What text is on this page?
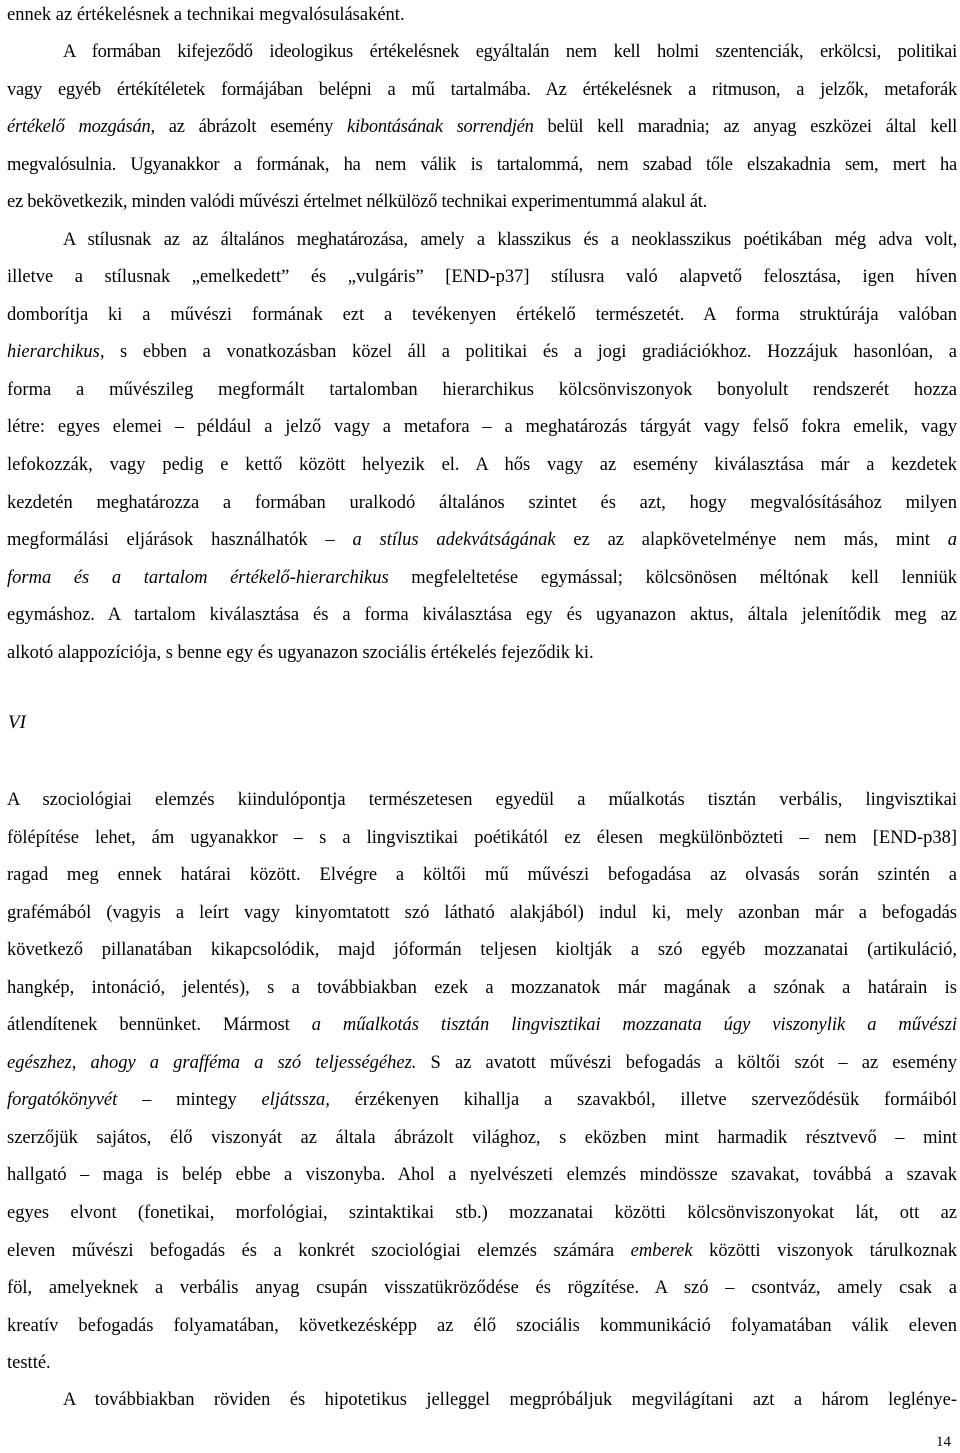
ennek az értékelésnek a technikai megvalósulásaként.
A formában kifejeződő ideologikus értékelésnek egyáltalán nem kell holmi szentenciák, erkölcsi, politikai
vagy egyéb értékítéletek formájában belépni a mű tartalmába. Az értékelésnek a ritmuson, a jelzők, metaforák
értékelő mozgásán, az ábrázolt esemény kibontásának sorrendjén belül kell maradnia; az anyag eszközei által kell
megvalósulnia. Ugyanakkor a formának, ha nem válik is tartalommá, nem szabad tőle elszakadnia sem, mert ha
ez bekövetkezik, minden valódi művészi értelmet nélkülöző technikai experimentummá alakul át.
A stílusnak az az általános meghatározása, amely a klasszikus és a neoklasszikus poétikában még adva volt,
illetve a stílusnak „emelkedett” és „vulgáris” [END-p37] stílusra való alapvető felosztása, igen híven
domborítja ki a művészi formának ezt a tevékenyen értékelő természetét. A forma struktúrája valóban
hierarchikus, s ebben a vonatkozásban közel áll a politikai és a jogi gradiációkhoz. Hozzájuk hasonlóan, a
forma a művészileg megformált tartalomban hierarchikus kölcsönviszonyok bonyolult rendszerét hozza
létre: egyes elemei – például a jelző vagy a metafora – a meghatározás tárgyát vagy felső fokra emelik, vagy
lefokozzák, vagy pedig e kettő között helyezik el. A hős vagy az esemény kiválasztása már a kezdetek
kezdetén meghatározza a formában uralkodó általános szintet és azt, hogy megvalósításához milyen
megformálási eljárások használhatók – a stílus adekvátságának ez az alapkövetelménye nem más, mint a
forma és a tartalom értékelő-hierarchikus megfeleltetése egymással; kölcsönösen méltónak kell lenniük
egymáshoz. A tartalom kiválasztása és a forma kiválasztása egy és ugyanazon aktus, általa jelenítődik meg az
alkotó alappozíciója, s benne egy és ugyanazon szociális értékelés fejeződik ki.
A szociológiai elemzés kiindulópontja természetesen egyedül a műalkotás tisztán verbális, lingvisztikai
fölépítése lehet, ám ugyanakkor – s a lingvisztikai poétikától ez élesen megkülönbözteti – nem [END-p38]
ragad meg ennek határai között. Elvégre a költői mű művészi befogadása az olvasás során szintén a
grafémából (vagyis a leírt vagy kinyomtatott szó látható alakjából) indul ki, mely azonban már a befogadás
következő pillanatában kikapcsolódik, majd jóformán teljesen kioltják a szó egyéb mozzanatai (artikuláció,
hangkép, intonáció, jelentés), s a továbbiakban ezek a mozzanatok már magának a szónak a határain is
átlendítenek bennünket. Mármost a műalkotás tisztán lingvisztikai mozzanata úgy viszonylik a művészi
egészhez, ahogy a grafféma a szó teljességéhez. S az avatott művészi befogadás a költői szót – az esemény
forgatókönyvét – mintegy eljátssza, érzékenyen kihallja a szavakból, illetve szerveződésük formáiból
szerzőjük sajátos, élő viszonyát az általa ábrázolt világhoz, s eközben mint harmadik résztvevő – mint
hallgató – maga is belép ebbe a viszonyba. Ahol a nyelvészeti elemzés mindössze szavakat, továbbá a szavak
egyes elvont (fonetikai, morfológiai, szintaktikai stb.) mozzanatai közötti kölcsönviszonyokat lát, ott az
eleven művészi befogadás és a konkrét szociológiai elemzés számára emberek közötti viszonyok tárulkoznak
föl, amelyeknek a verbális anyag csupán visszatükröződése és rögzítése. A szó – csontváz, amely csak a
kreatív befogadás folyamatában, következésképp az élő szociális kommunikáció folyamatában válik eleven
testté.
A továbbiakban röviden és hipotetikus jelleggel megpróbáljuk megvilágítani azt a három leglényе-
VI
14
